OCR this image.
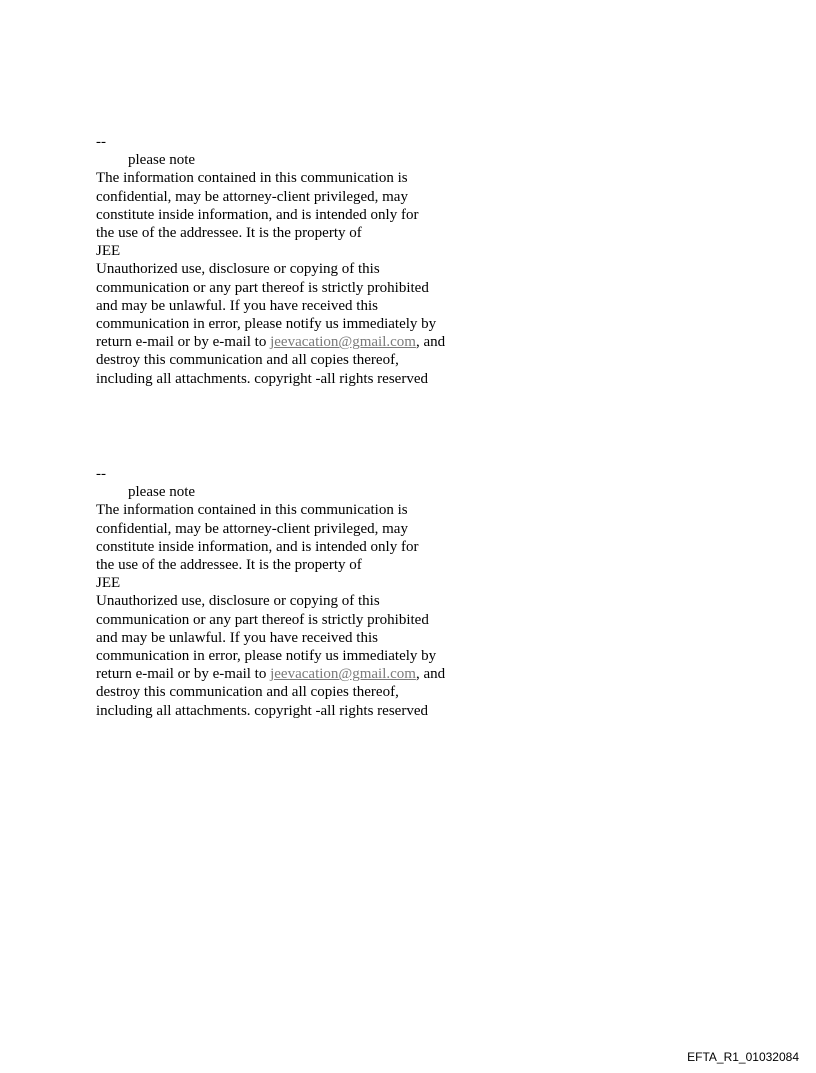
--
please note
The information contained in this communication is
confidential, may be attorney-client privileged, may
constitute inside information, and is intended only for
the use of the addressee. It is the property of
JEE
Unauthorized use, disclosure or copying of this
communication or any part thereof is strictly prohibited
and may be unlawful. If you have received this
communication in error, please notify us immediately by
return e-mail or by e-mail to jeevacation@gmail.com, and
destroy this communication and all copies thereof,
including all attachments. copyright -all rights reserved
--
please note
The information contained in this communication is
confidential, may be attorney-client privileged, may
constitute inside information, and is intended only for
the use of the addressee. It is the property of
JEE
Unauthorized use, disclosure or copying of this
communication or any part thereof is strictly prohibited
and may be unlawful. If you have received this
communication in error, please notify us immediately by
return e-mail or by e-mail to jeevacation@gmail.com, and
destroy this communication and all copies thereof,
including all attachments. copyright -all rights reserved
EFTA_R1_01032084
